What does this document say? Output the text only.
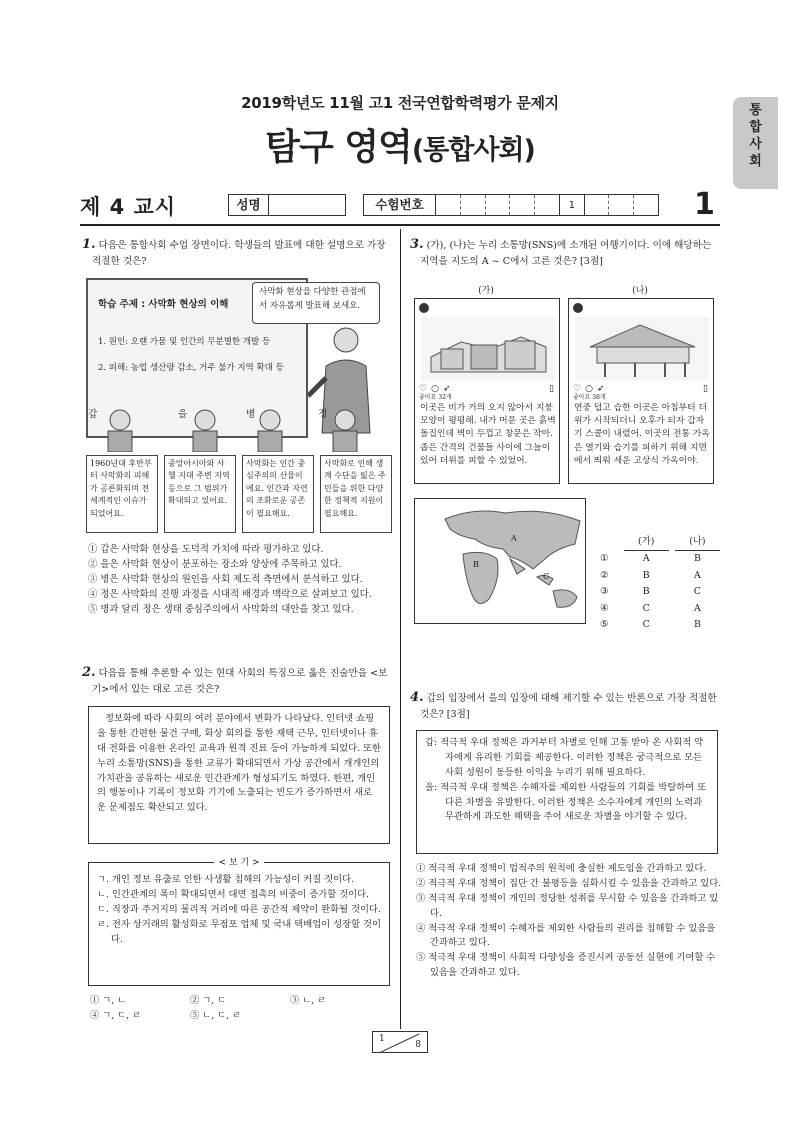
2019학년도 11월 고1 전국연합학력평가 문제지
탐구 영역(통합사회)
통
합
사
회
제 4 교시	성명	수험번호	1	1
1. 다음은 통합사회 수업 장면이다. 학생들의 발표에 대한 설명으로 가장 적절한 것은?
학습 주제 : 사막화 현상의 이해
1. 원인: 오랜 가뭄 및 인간의 무분별한 개발 등
2. 피해: 농업 생산량 감소, 거주 불가 지역 확대 등
사막화 현상을 다양한 관점에서 자유롭게 발표해 보세요.
갑	을	병	정
1960년대 후반부터 사막화의 피해가 공론화되며 전 세계적인 이슈가 되었어요.
중앙아시아와 사헬 지대 주변 지역 등으로 그 범위가 확대되고 있어요.
사막화는 인간 중심주의의 산물이에요. 인간과 자연의 조화로운 공존이 필요해요.
사막화로 인해 생계 수단을 잃은 주민들을 위한 다양한 정책적 지원이 필요해요.
① 갑은 사막화 현상을 도덕적 가치에 따라 평가하고 있다.
② 을은 사막화 현상이 분포하는 장소와 양상에 주목하고 있다.
③ 병은 사막화 현상의 원인을 사회 제도적 측면에서 분석하고 있다.
④ 정은 사막화의 진행 과정을 시대적 배경과 맥락으로 살펴보고 있다.
⑤ 병과 달리 정은 생태 중심주의에서 사막화의 대안을 찾고 있다.
2. 다음을 통해 추론할 수 있는 현대 사회의 특징으로 옳은 진술만을 <보기>에서 있는 대로 고른 것은?
정보화에 따라 사회의 여러 분야에서 변화가 나타났다. 인터넷 쇼핑을 통한 간편한 물건 구매, 화상 회의를 통한 재택 근무, 인터넷이나 휴대 전화를 이용한 온라인 교육과 원격 진료 등이 가능하게 되었다. 또한 누리 소통망(SNS)을 통한 교류가 확대되면서 가상 공간에서 개개인의 가치관을 공유하는 새로운 인간관계가 형성되기도 하였다. 한편, 개인의 행동이나 기록이 정보화 기기에 노출되는 빈도가 증가하면서 새로운 문제점도 확산되고 있다.
< 보 기 >
ㄱ. 개인 정보 유출로 인한 사생활 침해의 가능성이 커질 것이다.
ㄴ. 인간관계의 폭이 확대되면서 대면 접촉의 비중이 증가할 것이다.
ㄷ. 직장과 주거지의 물리적 거리에 따른 공간적 제약이 완화될 것이다.
ㄹ. 전자 상거래의 활성화로 무점포 업체 및 국내 택배업이 성장할 것이다.
① ㄱ, ㄴ	② ㄱ, ㄷ	③ ㄴ, ㄹ
④ ㄱ, ㄷ, ㄹ	⑤ ㄴ, ㄷ, ㄹ
3. (가), (나)는 누리 소통망(SNS)에 소개된 여행기이다. 이에 해당하는 지역을 지도의 A ~ C에서 고른 것은? [3점]
(가)	(나)
♡ ○ ➶	▯
좋아요 32개
이곳은 비가 거의 오지 않아서 지붕 모양이 평평해. 내가 머문 곳은 흙벽돌집인데 벽이 두껍고 창문은 작아. 좁은 간격의 건물들 사이에 그늘이 있어 더위를 피할 수 있었어.
♡ ○ ➶	▯
좋아요 38개
연중 덥고 습한 이곳은 아침부터 더위가 시작되더니 오후가 되자 갑자기 스콜이 내렸어. 이곳의 전통 가옥은 열기와 습기를 피하기 위해 지면에서 띄워 세운 고상식 가옥이야.
A
B
C
(가)	(나)
①	A	B
②	B	A
③	B	C
④	C	A
⑤	C	B
4. 갑의 입장에서 을의 입장에 대해 제기할 수 있는 반론으로 가장 적절한 것은? [3점]
갑: 적극적 우대 정책은 과거부터 차별로 인해 고통 받아 온 사회적 약자에게 유리한 기회를 제공한다. 이러한 정책은 궁극적으로 모든 사회 성원이 동등한 이익을 누리기 위해 필요하다.
을: 적극적 우대 정책은 수혜자를 제외한 사람들의 기회를 박탈하여 또 다른 차별을 유발한다. 이러한 정책은 소수자에게 개인의 노력과 무관하게 과도한 혜택을 주어 새로운 차별을 야기할 수 있다.
① 적극적 우대 정책이 업적주의 원칙에 충실한 제도임을 간과하고 있다.
② 적극적 우대 정책이 집단 간 불평등을 심화시킬 수 있음을 간과하고 있다.
③ 적극적 우대 정책이 개인의 정당한 성취를 무시할 수 있음을 간과하고 있다.
④ 적극적 우대 정책이 수혜자를 제외한 사람들의 권리를 침해할 수 있음을 간과하고 있다.
⑤ 적극적 우대 정책이 사회적 다양성을 증진시켜 공동선 실현에 기여할 수 있음을 간과하고 있다.
1
8
